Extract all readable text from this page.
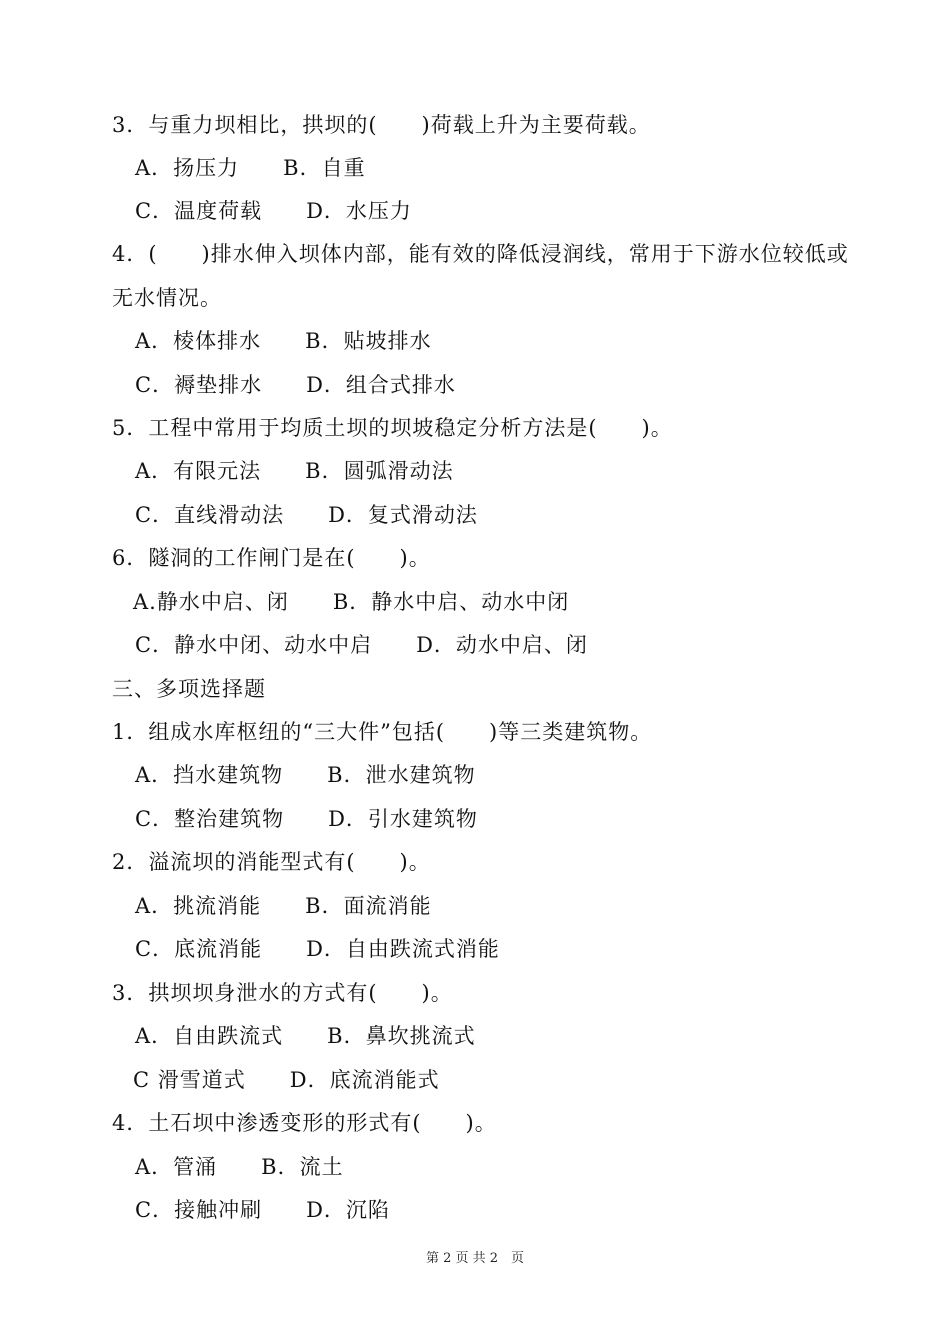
3．与重力坝相比，拱坝的(　　)荷载上升为主要荷载。
A．扬压力　　B．自重
C．温度荷载　　D．水压力
4．(　　)排水伸入坝体内部，能有效的降低浸润线，常用于下游水位较低或
无水情况。
A．棱体排水　　B．贴坡排水
C．褥垫排水　　D．组合式排水
5．工程中常用于均质土坝的坝坡稳定分析方法是(　　)。
A．有限元法　　B．圆弧滑动法
C．直线滑动法　　D．复式滑动法
6．隧洞的工作闸门是在(　　)。
A.静水中启、闭　　B．静水中启、动水中闭
C．静水中闭、动水中启　　D．动水中启、闭
三、多项选择题
1．组成水库枢纽的“三大件”包括(　　)等三类建筑物。
A．挡水建筑物　　B．泄水建筑物
C．整治建筑物　　D．引水建筑物
2．溢流坝的消能型式有(　　)。
A．挑流消能　　B．面流消能
C．底流消能　　D．自由跌流式消能
3．拱坝坝身泄水的方式有(　　)。
A．自由跌流式　　B．鼻坎挑流式
C 滑雪道式　　D．底流消能式
4．土石坝中渗透变形的形式有(　　)。
A．管涌　　B．流土
C．接触冲刷　　D．沉陷
第 2 页 共 2　页
